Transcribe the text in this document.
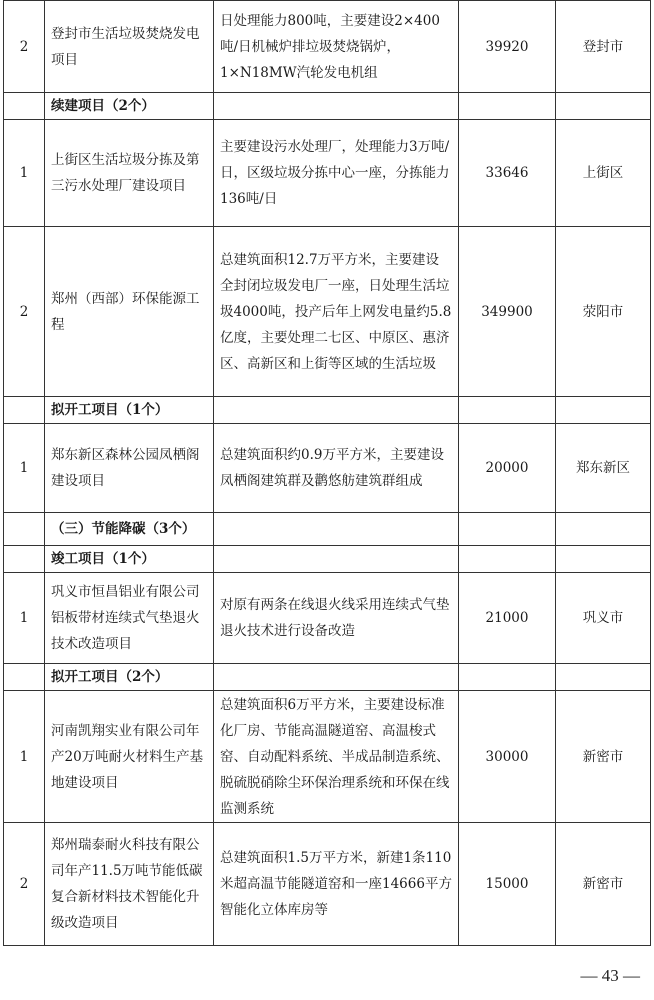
2	登封市生活垃圾焚烧发电项目	日处理能力800吨，主要建设2×400吨/日机械炉排垃圾焚烧锅炉，1×N18MW汽轮发电机组	39920	登封市
	续建项目（2个）			
1	上街区生活垃圾分拣及第三污水处理厂建设项目	主要建设污水处理厂，处理能力3万吨/日，区级垃圾分拣中心一座，分拣能力136吨/日	33646	上街区
2	郑州（西部）环保能源工程	总建筑面积12.7万平方米，主要建设全封闭垃圾发电厂一座，日处理生活垃圾4000吨，投产后年上网发电量约5.8亿度，主要处理二七区、中原区、惠济区、高新区和上街等区域的生活垃圾	349900	荥阳市
	拟开工项目（1个）			
1	郑东新区森林公园凤栖阁建设项目	总建筑面积约0.9万平方米，主要建设凤栖阁建筑群及鹳悠舫建筑群组成	20000	郑东新区
	（三）节能降碳（3个）			
	竣工项目（1个）			
1	巩义市恒昌铝业有限公司铝板带材连续式气垫退火技术改造项目	对原有两条在线退火线采用连续式气垫退火技术进行设备改造	21000	巩义市
	拟开工项目（2个）			
1	河南凯翔实业有限公司年产20万吨耐火材料生产基地建设项目	总建筑面积6万平方米，主要建设标准化厂房、节能高温隧道窑、高温梭式窑、自动配料系统、半成品制造系统、脱硫脱硝除尘环保治理系统和环保在线监测系统	30000	新密市
2	郑州瑞泰耐火科技有限公司年产11.5万吨节能低碳复合新材料技术智能化升级改造项目	总建筑面积1.5万平方米，新建1条110米超高温节能隧道窑和一座14666平方智能化立体库房等	15000	新密市
— 43 —
